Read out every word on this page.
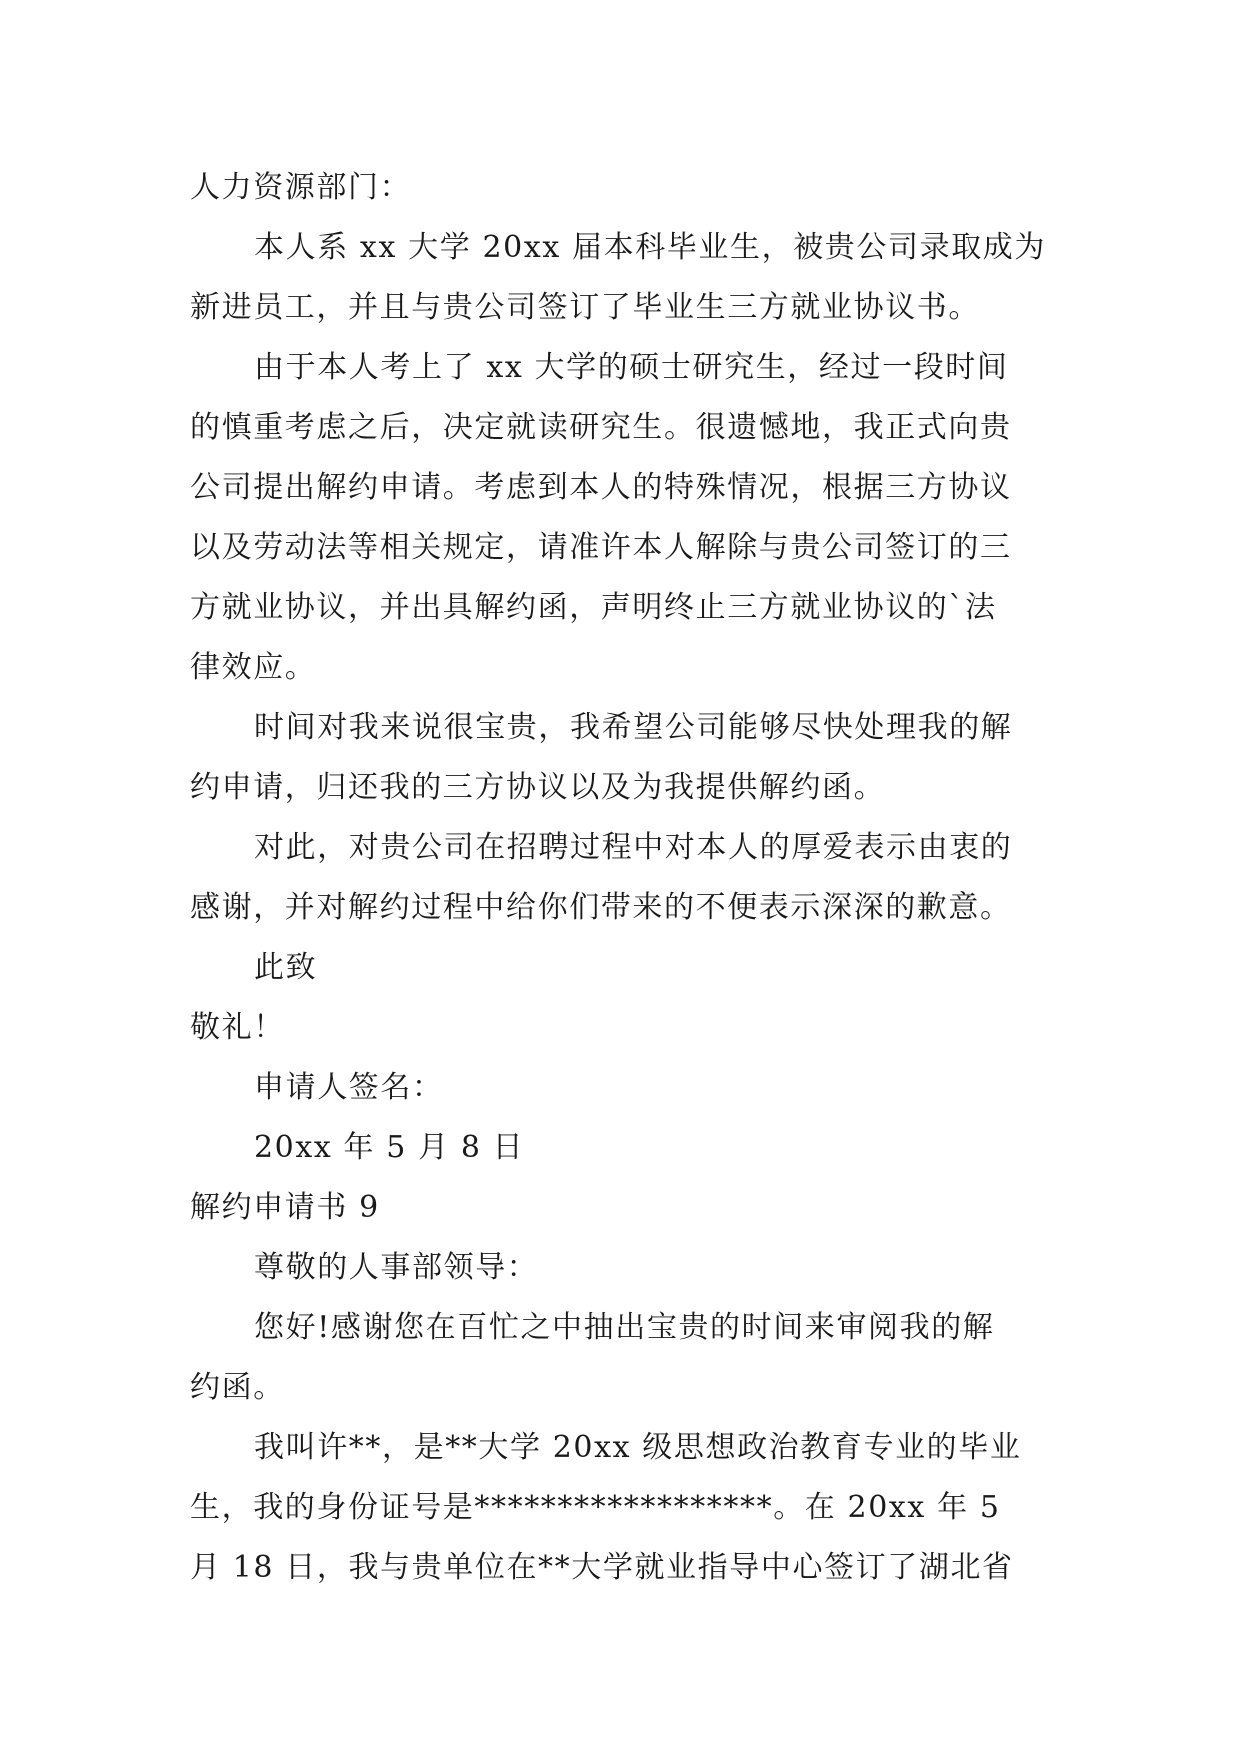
人力资源部门：

本人系 xx 大学 20xx 届本科毕业生，被贵公司录取成为

新进员工，并且与贵公司签订了毕业生三方就业协议书。

由于本人考上了 xx 大学的硕士研究生，经过一段时间

的慎重考虑之后，决定就读研究生。很遗憾地，我正式向贵

公司提出解约申请。考虑到本人的特殊情况，根据三方协议

以及劳动法等相关规定，请准许本人解除与贵公司签订的三

方就业协议，并出具解约函，声明终止三方就业协议的`法

律效应。

时间对我来说很宝贵，我希望公司能够尽快处理我的解

约申请，归还我的三方协议以及为我提供解约函。

对此，对贵公司在招聘过程中对本人的厚爱表示由衷的

感谢，并对解约过程中给你们带来的不便表示深深的歉意。

此致

敬礼！

申请人签名：

20xx 年 5 月 8 日

解约申请书 9

尊敬的人事部领导：

您好!感谢您在百忙之中抽出宝贵的时间来审阅我的解

约函。

我叫许**，是**大学 20xx 级思想政治教育专业的毕业

生，我的身份证号是******************。在 20xx 年 5

月 18 日，我与贵单位在**大学就业指导中心签订了湖北省
